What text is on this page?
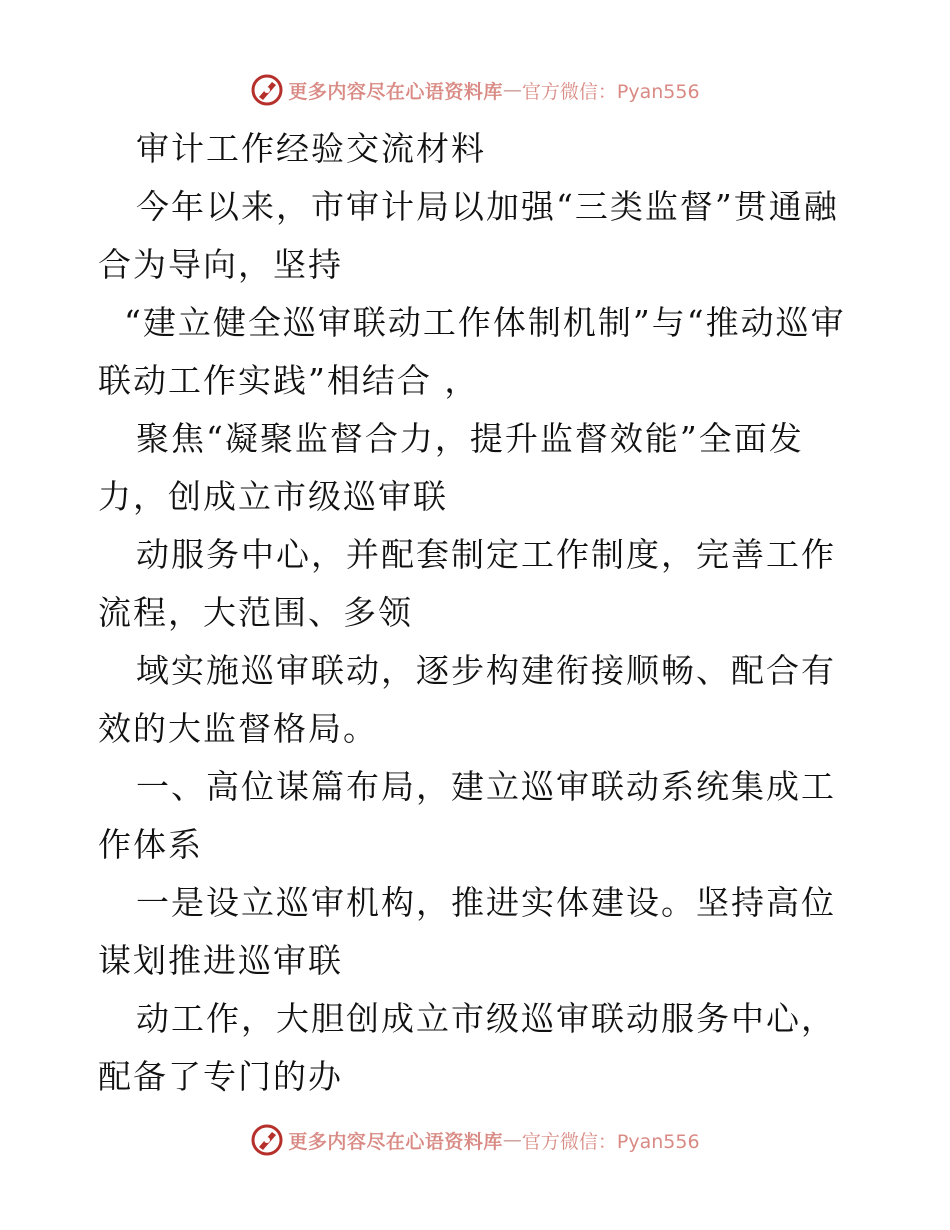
更多内容尽在心语资料库 — 官方微信：Pyan556

审计工作经验交流材料

今年以来，市审计局以加强“三类监督”贯通融合为导向，坚持

“建立健全巡审联动工作体制机制”与“推动巡审联动工作实践”相结合 ，

聚焦“凝聚监督合力，提升监督效能”全面发力，创成立市级巡审联

动服务中心，并配套制定工作制度，完善工作流程，大范围、多领

域实施巡审联动，逐步构建衔接顺畅、配合有效的大监督格局。

一、高位谋篇布局，建立巡审联动系统集成工作体系

一是设立巡审机构，推进实体建设。坚持高位谋划推进巡审联

动工作，大胆创成立市级巡审联动服务中心，配备了专门的办

更多内容尽在心语资料库 — 官方微信：Pyan556
